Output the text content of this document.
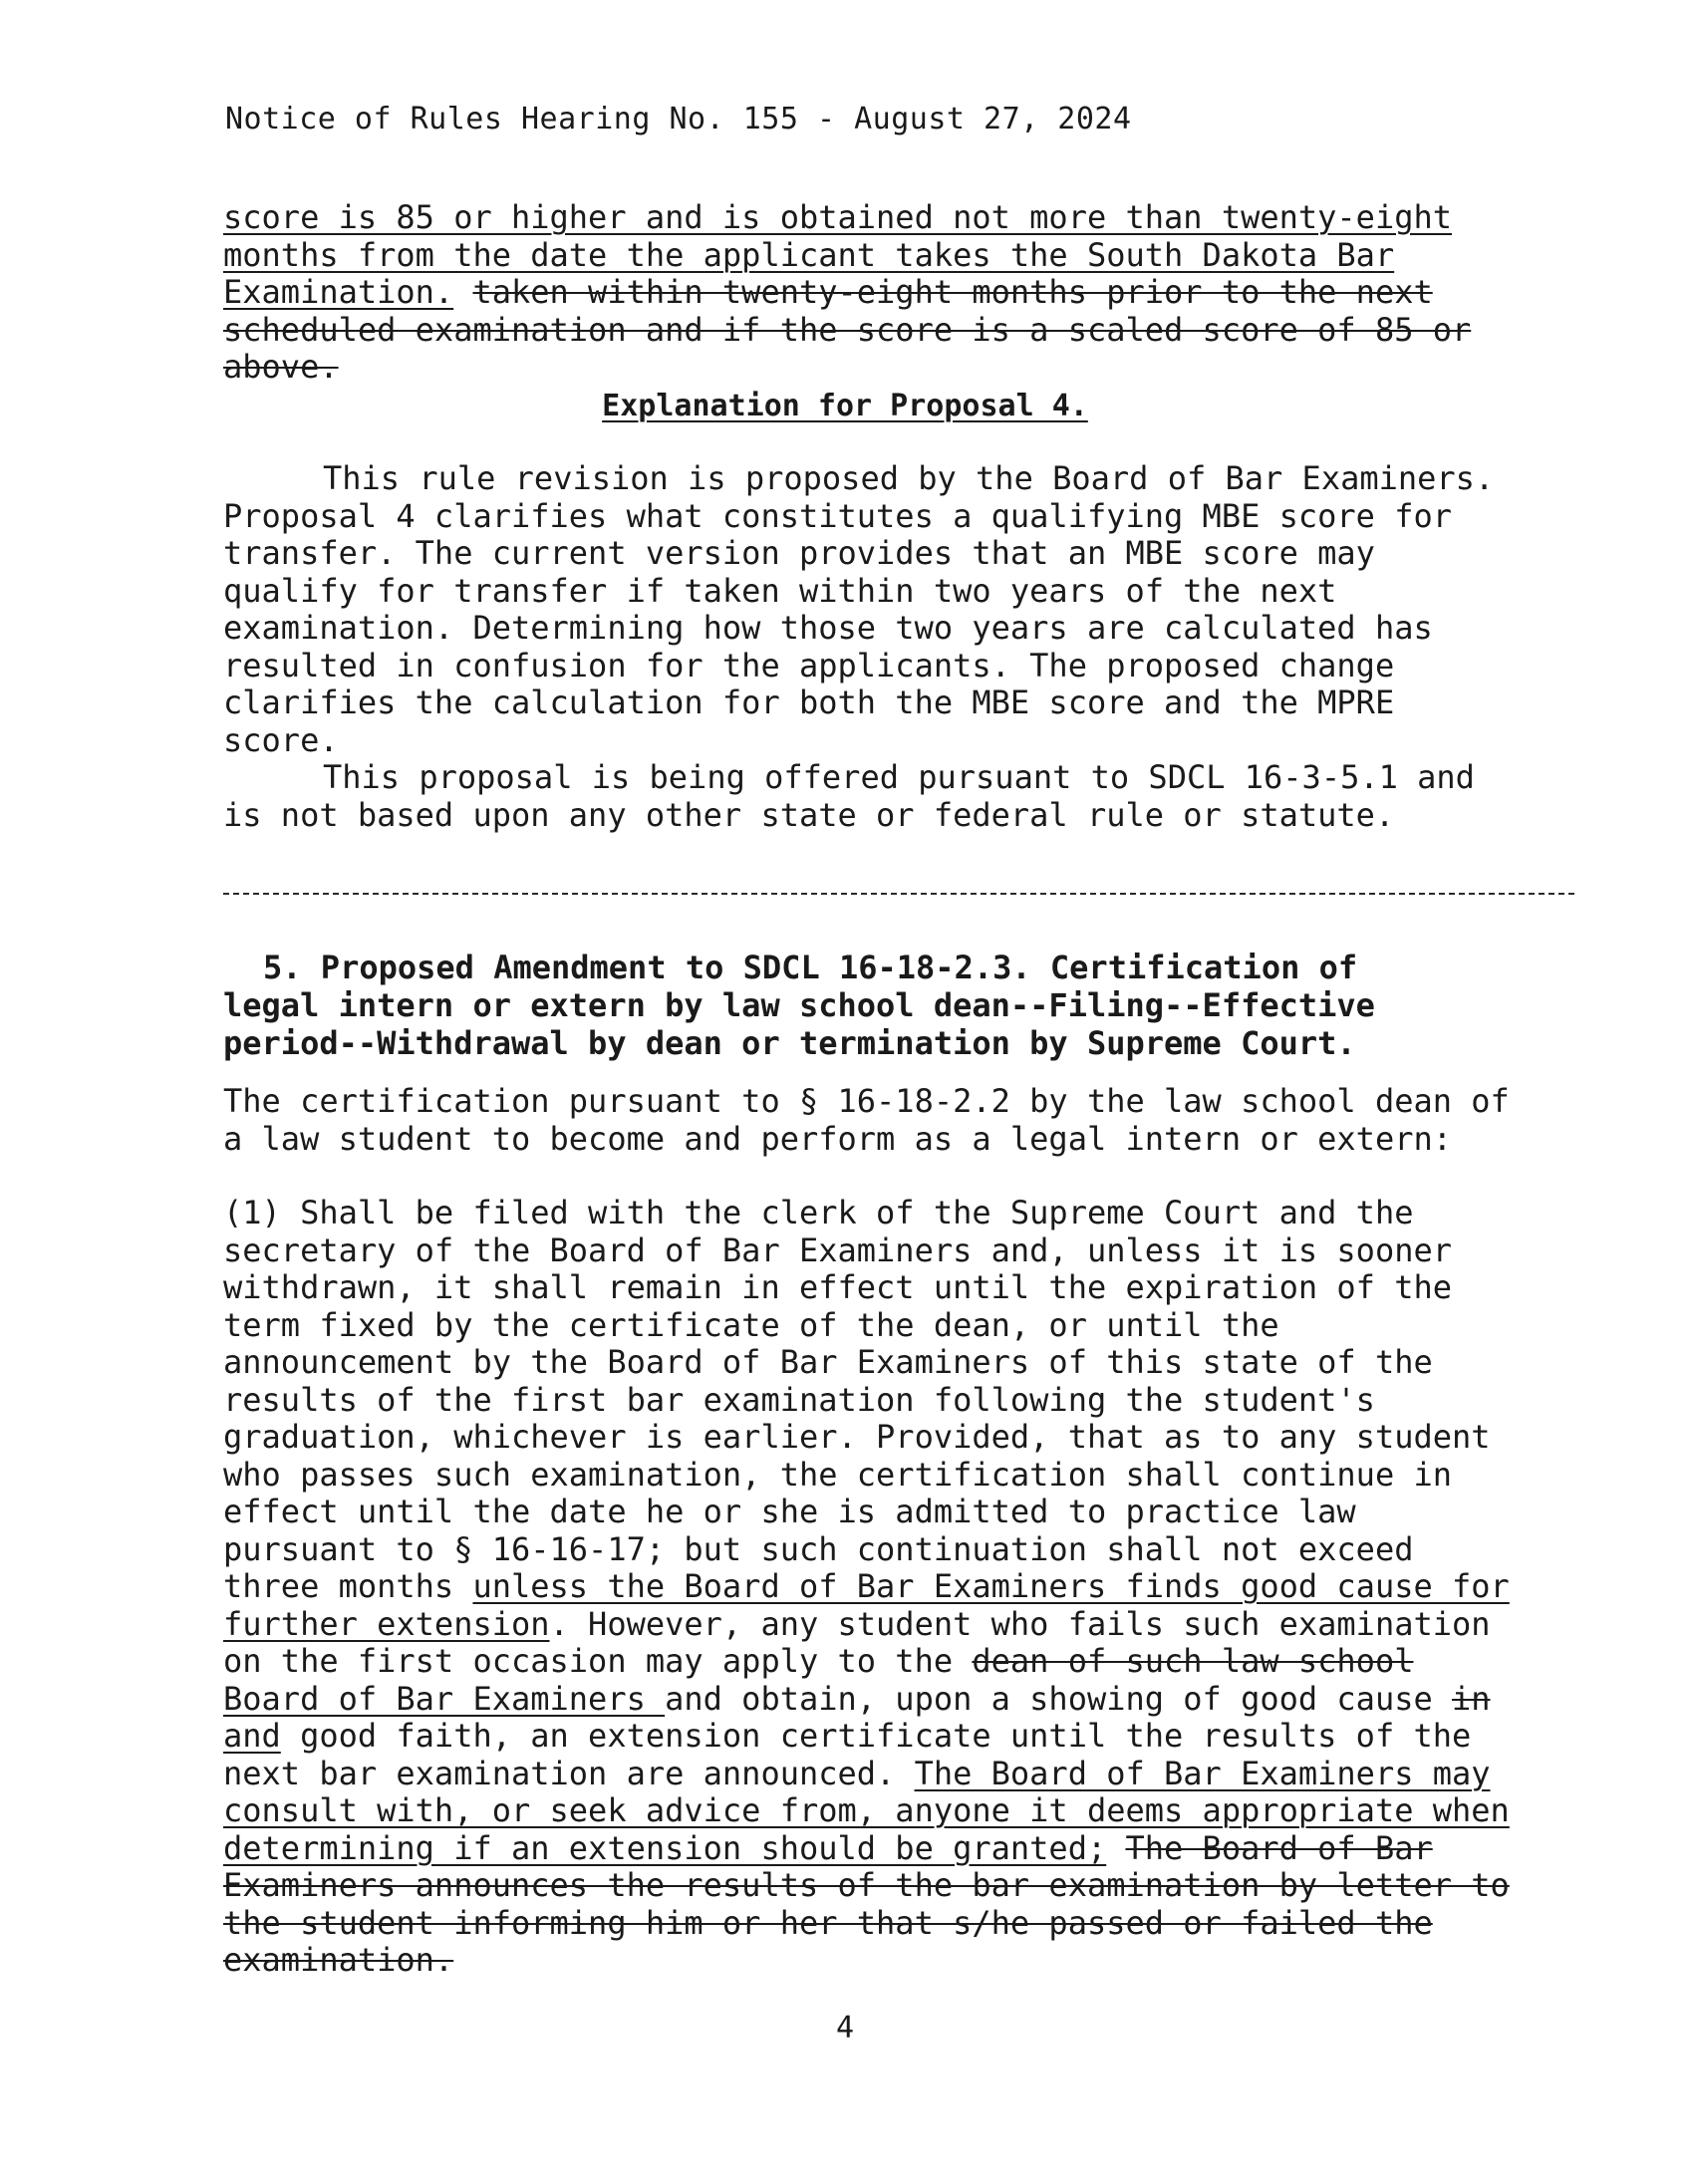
Notice of Rules Hearing No. 155 - August 27, 2024
score is 85 or higher and is obtained not more than twenty-eight
months from the date the applicant takes the South Dakota Bar
Examination. taken within twenty-eight months prior to the next
scheduled examination and if the score is a scaled score of 85 or
above.
Explanation for Proposal 4.
This rule revision is proposed by the Board of Bar Examiners.
Proposal 4 clarifies what constitutes a qualifying MBE score for
transfer. The current version provides that an MBE score may
qualify for transfer if taken within two years of the next
examination. Determining how those two years are calculated has
resulted in confusion for the applicants. The proposed change
clarifies the calculation for both the MBE score and the MPRE
score.
This proposal is being offered pursuant to SDCL 16-3-5.1 and
is not based upon any other state or federal rule or statute.
5. Proposed Amendment to SDCL 16-18-2.3. Certification of
legal intern or extern by law school dean--Filing--Effective
period--Withdrawal by dean or termination by Supreme Court.
The certification pursuant to § 16-18-2.2 by the law school dean of
a law student to become and perform as a legal intern or extern:
(1) Shall be filed with the clerk of the Supreme Court and the
secretary of the Board of Bar Examiners and, unless it is sooner
withdrawn, it shall remain in effect until the expiration of the
term fixed by the certificate of the dean, or until the
announcement by the Board of Bar Examiners of this state of the
results of the first bar examination following the student's
graduation, whichever is earlier. Provided, that as to any student
who passes such examination, the certification shall continue in
effect until the date he or she is admitted to practice law
pursuant to § 16-16-17; but such continuation shall not exceed
three months unless the Board of Bar Examiners finds good cause for
further extension. However, any student who fails such examination
on the first occasion may apply to the dean of such law school
Board of Bar Examiners and obtain, upon a showing of good cause in
and good faith, an extension certificate until the results of the
next bar examination are announced. The Board of Bar Examiners may
consult with, or seek advice from, anyone it deems appropriate when
determining if an extension should be granted; The Board of Bar
Examiners announces the results of the bar examination by letter to
the student informing him or her that s/he passed or failed the
examination.
4
